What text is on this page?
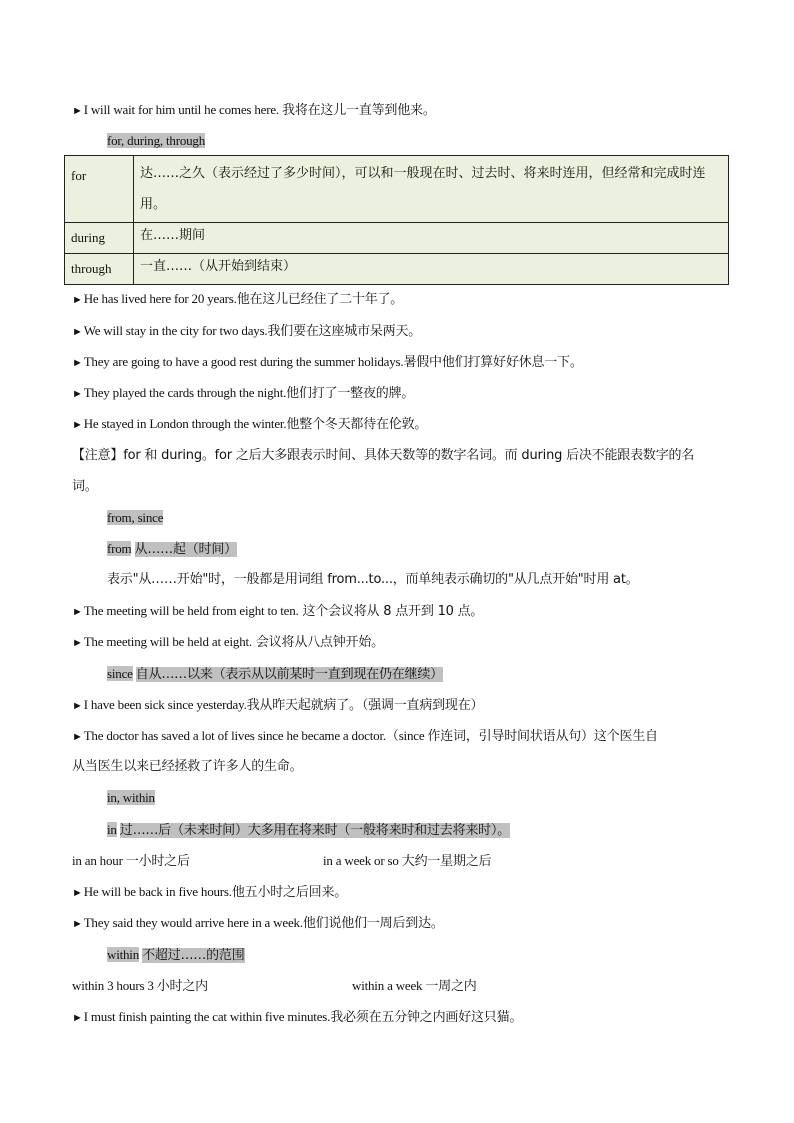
►I will wait for him until he comes here. 我将在这儿一直等到他来。
for, during, through
for	达……之久（表示经过了多少时间），可以和一般现在时、过去时、将来时连用，但经常和完成时连用。
during	在……期间
through	一直……（从开始到结束）
►He has lived here for 20 years.他在这儿已经住了二十年了。
►We will stay in the city for two days.我们要在这座城市呆两天。
►They are going to have a good rest during the summer holidays.暑假中他们打算好好休息一下。
►They played the cards through the night.他们打了一整夜的牌。
►He stayed in London through the winter.他整个冬天都待在伦敦。
【注意】for 和 during。for 之后大多跟表示时间、具体天数等的数字名词。而 during 后决不能跟表数字的名
词。
from, since
from 从……起（时间）
表示"从……开始"时，一般都是用词组 from...to...，而单纯表示确切的"从几点开始"时用 at。
►The meeting will be held from eight to ten. 这个会议将从 8 点开到 10 点。
►The meeting will be held at eight. 会议将从八点钟开始。
since 自从……以来（表示从以前某时一直到现在仍在继续）
►I have been sick since yesterday.我从昨天起就病了。（强调一直病到现在）
►The doctor has saved a lot of lives since he became a doctor.（since 作连词，引导时间状语从句）这个医生自
从当医生以来已经拯救了许多人的生命。
in, within
in 过……后（未来时间）大多用在将来时（一般将来时和过去将来时）。
in an hour 一小时之后	in a week or so 大约一星期之后
►He will be back in five hours.他五小时之后回来。
►They said they would arrive here in a week.他们说他们一周后到达。
within 不超过……的范围
within 3 hours 3 小时之内	within a week 一周之内
►I must finish painting the cat within five minutes.我必须在五分钟之内画好这只猫。
